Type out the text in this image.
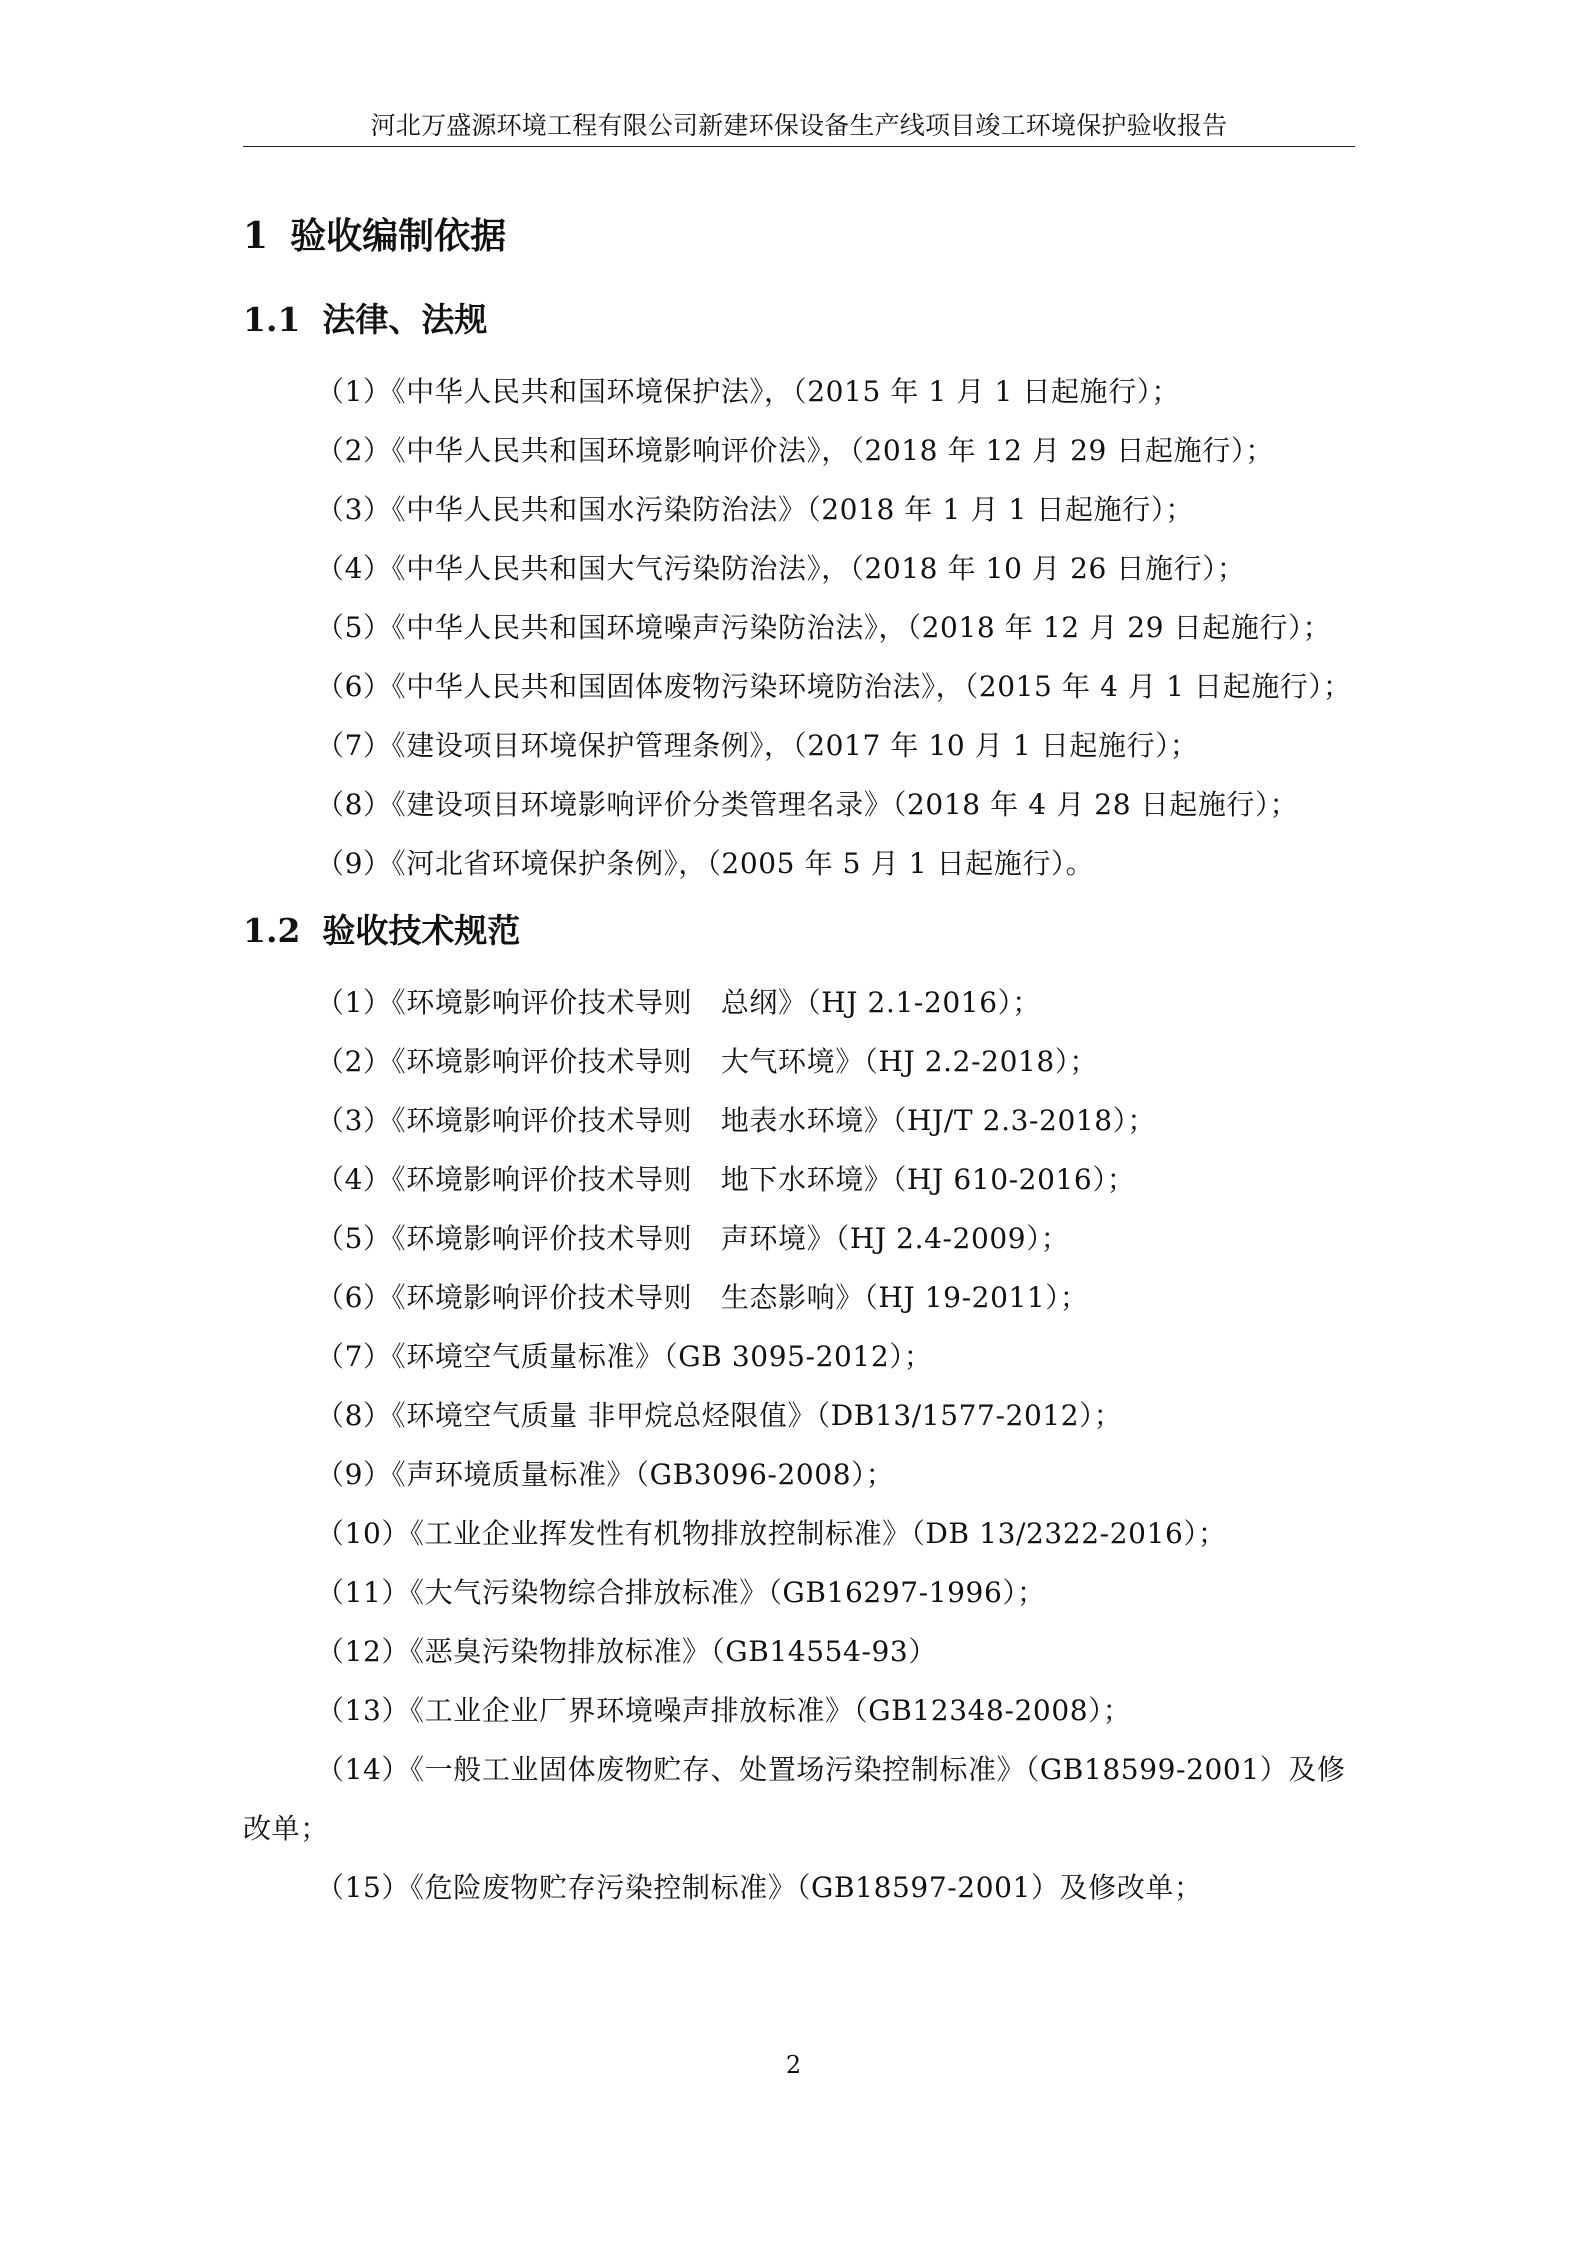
河北万盛源环境工程有限公司新建环保设备生产线项目竣工环境保护验收报告
1 验收编制依据
1.1 法律、法规
（1）《中华人民共和国环境保护法》，（2015 年 1 月 1 日起施行）；
（2）《中华人民共和国环境影响评价法》，（2018 年 12 月 29 日起施行）；
（3）《中华人民共和国水污染防治法》（2018 年 1 月 1 日起施行）；
（4）《中华人民共和国大气污染防治法》，（2018 年 10 月 26 日施行）；
（5）《中华人民共和国环境噪声污染防治法》，（2018 年 12 月 29 日起施行）；
（6）《中华人民共和国固体废物污染环境防治法》，（2015 年 4 月 1 日起施行）；
（7）《建设项目环境保护管理条例》，（2017 年 10 月 1 日起施行）；
（8）《建设项目环境影响评价分类管理名录》（2018 年 4 月 28 日起施行）；
（9）《河北省环境保护条例》，（2005 年 5 月 1 日起施行）。
1.2 验收技术规范
（1）《环境影响评价技术导则　总纲》（HJ 2.1-2016）；
（2）《环境影响评价技术导则　大气环境》（HJ 2.2-2018）；
（3）《环境影响评价技术导则　地表水环境》（HJ/T 2.3-2018）；
（4）《环境影响评价技术导则　地下水环境》（HJ 610-2016）；
（5）《环境影响评价技术导则　声环境》（HJ 2.4-2009）；
（6）《环境影响评价技术导则　生态影响》（HJ 19-2011）；
（7）《环境空气质量标准》（GB 3095-2012）；
（8）《环境空气质量 非甲烷总烃限值》（DB13/1577-2012）；
（9）《声环境质量标准》（GB3096-2008）；
（10）《工业企业挥发性有机物排放控制标准》（DB 13/2322-2016）；
（11）《大气污染物综合排放标准》（GB16297-1996）；
（12）《恶臭污染物排放标准》（GB14554-93）
（13）《工业企业厂界环境噪声排放标准》（GB12348-2008）；
（14）《一般工业固体废物贮存、处置场污染控制标准》（GB18599-2001）及修改单；
（15）《危险废物贮存污染控制标准》（GB18597-2001）及修改单；
2
